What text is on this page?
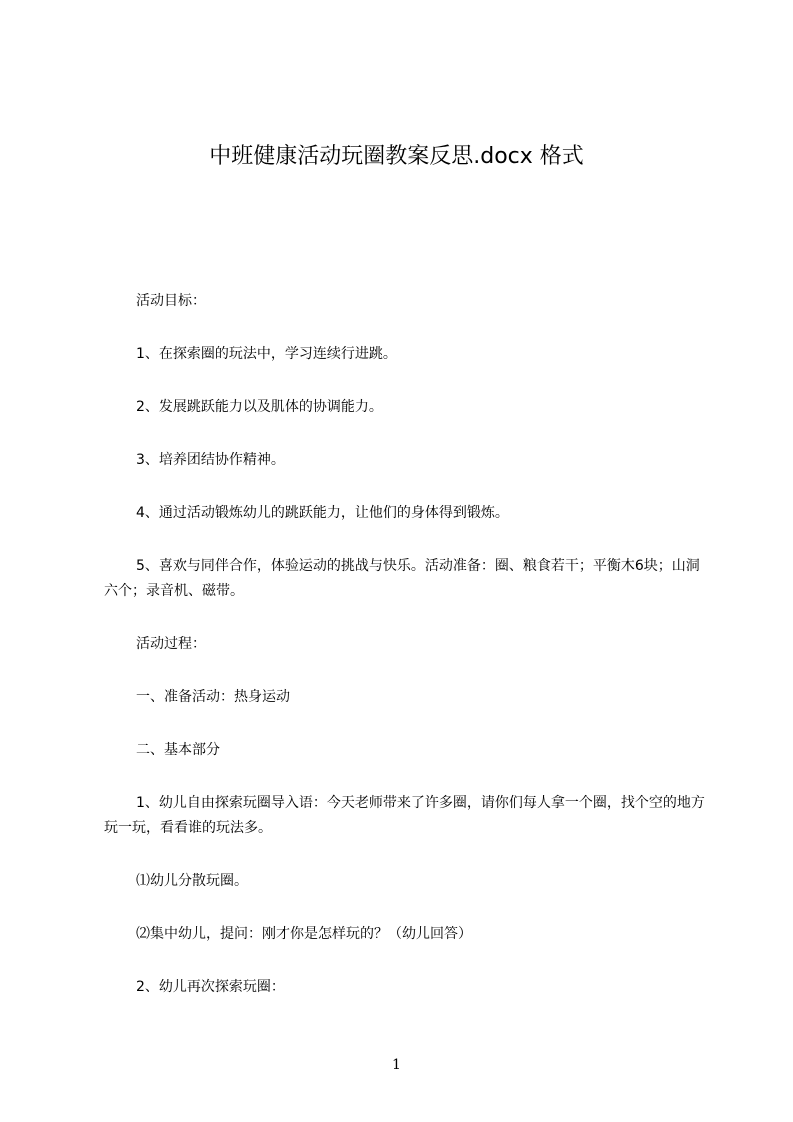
中班健康活动玩圈教案反思.docx 格式

活动目标：

1、在探索圈的玩法中，学习连续行进跳。

2、发展跳跃能力以及肌体的协调能力。

3、培养团结协作精神。

4、通过活动锻炼幼儿的跳跃能力，让他们的身体得到锻炼。

5、喜欢与同伴合作，体验运动的挑战与快乐。活动准备：圈、粮食若干；平衡木6块；山洞六个；录音机、磁带。

活动过程：

一、准备活动：热身运动

二、基本部分

1、幼儿自由探索玩圈导入语：今天老师带来了许多圈，请你们每人拿一个圈，找个空的地方玩一玩，看看谁的玩法多。

⑴幼儿分散玩圈。

⑵集中幼儿，提问：刚才你是怎样玩的？（幼儿回答）

2、幼儿再次探索玩圈：

1
